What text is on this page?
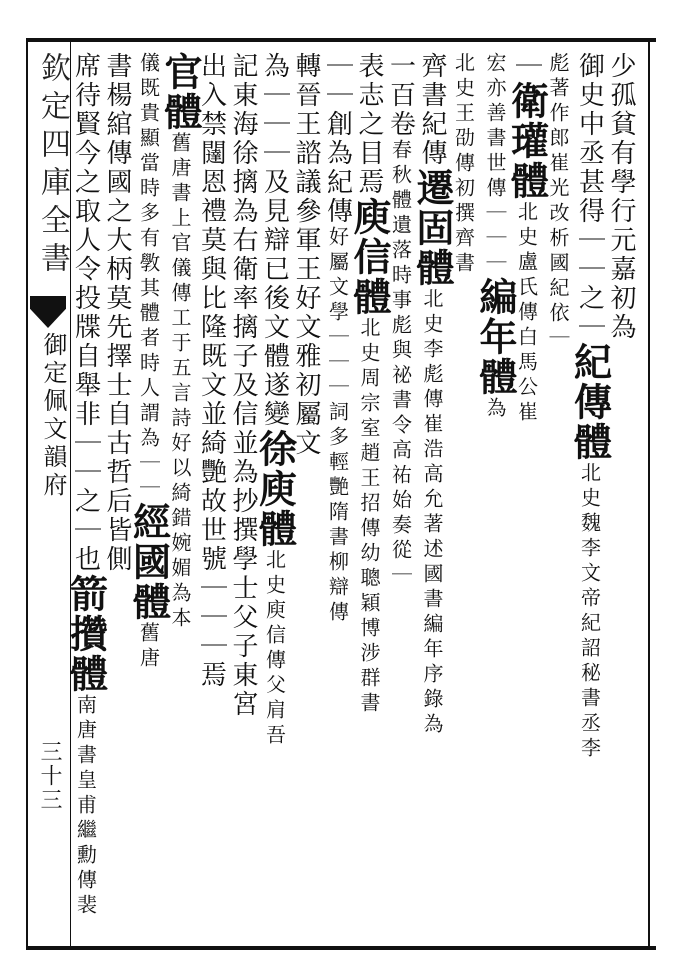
欽定四庫全書
御定佩文韻府
三十三
少孤貧有學行元嘉初為
御史中丞甚得｜｜之｜紀傳體北史魏李文帝紀詔秘書丞李
彪著作郎崔光改析國紀依｜
｜衛瓘體北史盧氏傳白馬公崔
宏亦善書世傳｜｜｜編年體為
北史王劭傳初撰齊書
齊書紀傳遷固體北史李彪傳崔浩高允著述國書編年序錄為
一百卷春秋體遺落時事彪與祕書令高祐始奏從｜
表志之目焉庾信體北史周宗室趙王招傳幼聰穎博涉群書
｜｜創為紀傳好屬文學｜｜｜詞多輕艷隋書柳辯傳
轉晉王諮議參軍王好文雅初屬文
為｜｜｜及見辯已後文體遂變徐庾體北史庾信傳父肩吾
記東海徐摛為右衛率摛子及信並為抄撰學士父子東宮
出入禁闥恩禮莫與比隆既文並綺艷故世號｜｜｜焉
官體舊唐書上官儀傳工于五言詩好以綺錯婉媚為本
儀既貴顯當時多有斆其體者時人謂為｜｜經國體舊唐
書楊綰傳國之大柄莫先擇士自古哲后皆側
席待賢今之取人令投牒自舉非｜｜之｜也箭攢體南唐書皇甫繼勳傳裴
